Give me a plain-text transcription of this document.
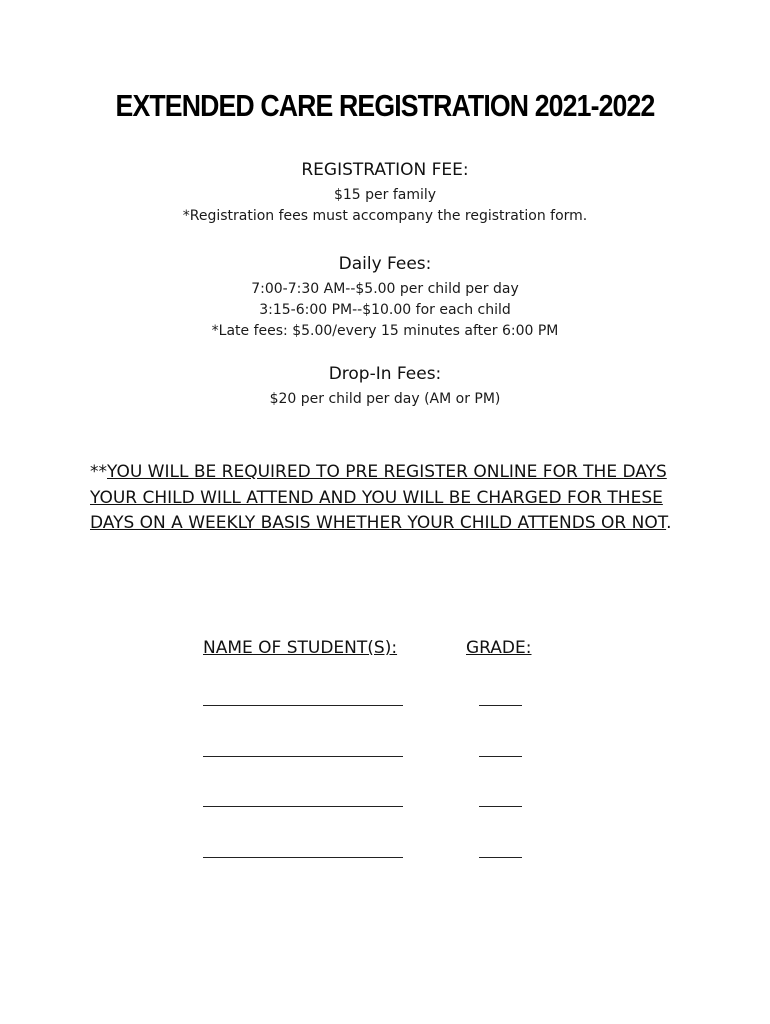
EXTENDED CARE REGISTRATION 2021-2022
REGISTRATION FEE:
$15 per family
*Registration fees must accompany the registration form.
Daily Fees:
7:00-7:30 AM--$5.00 per child per day
3:15-6:00 PM--$10.00 for each child
*Late fees: $5.00/every 15 minutes after 6:00 PM
Drop-In Fees:
$20 per child per day (AM or PM)
**YOU WILL BE REQUIRED TO PRE REGISTER ONLINE FOR THE DAYS YOUR CHILD WILL ATTEND AND YOU WILL BE CHARGED FOR THESE DAYS ON A WEEKLY BASIS WHETHER YOUR CHILD ATTENDS OR NOT.
NAME OF STUDENT(S):	GRADE:
